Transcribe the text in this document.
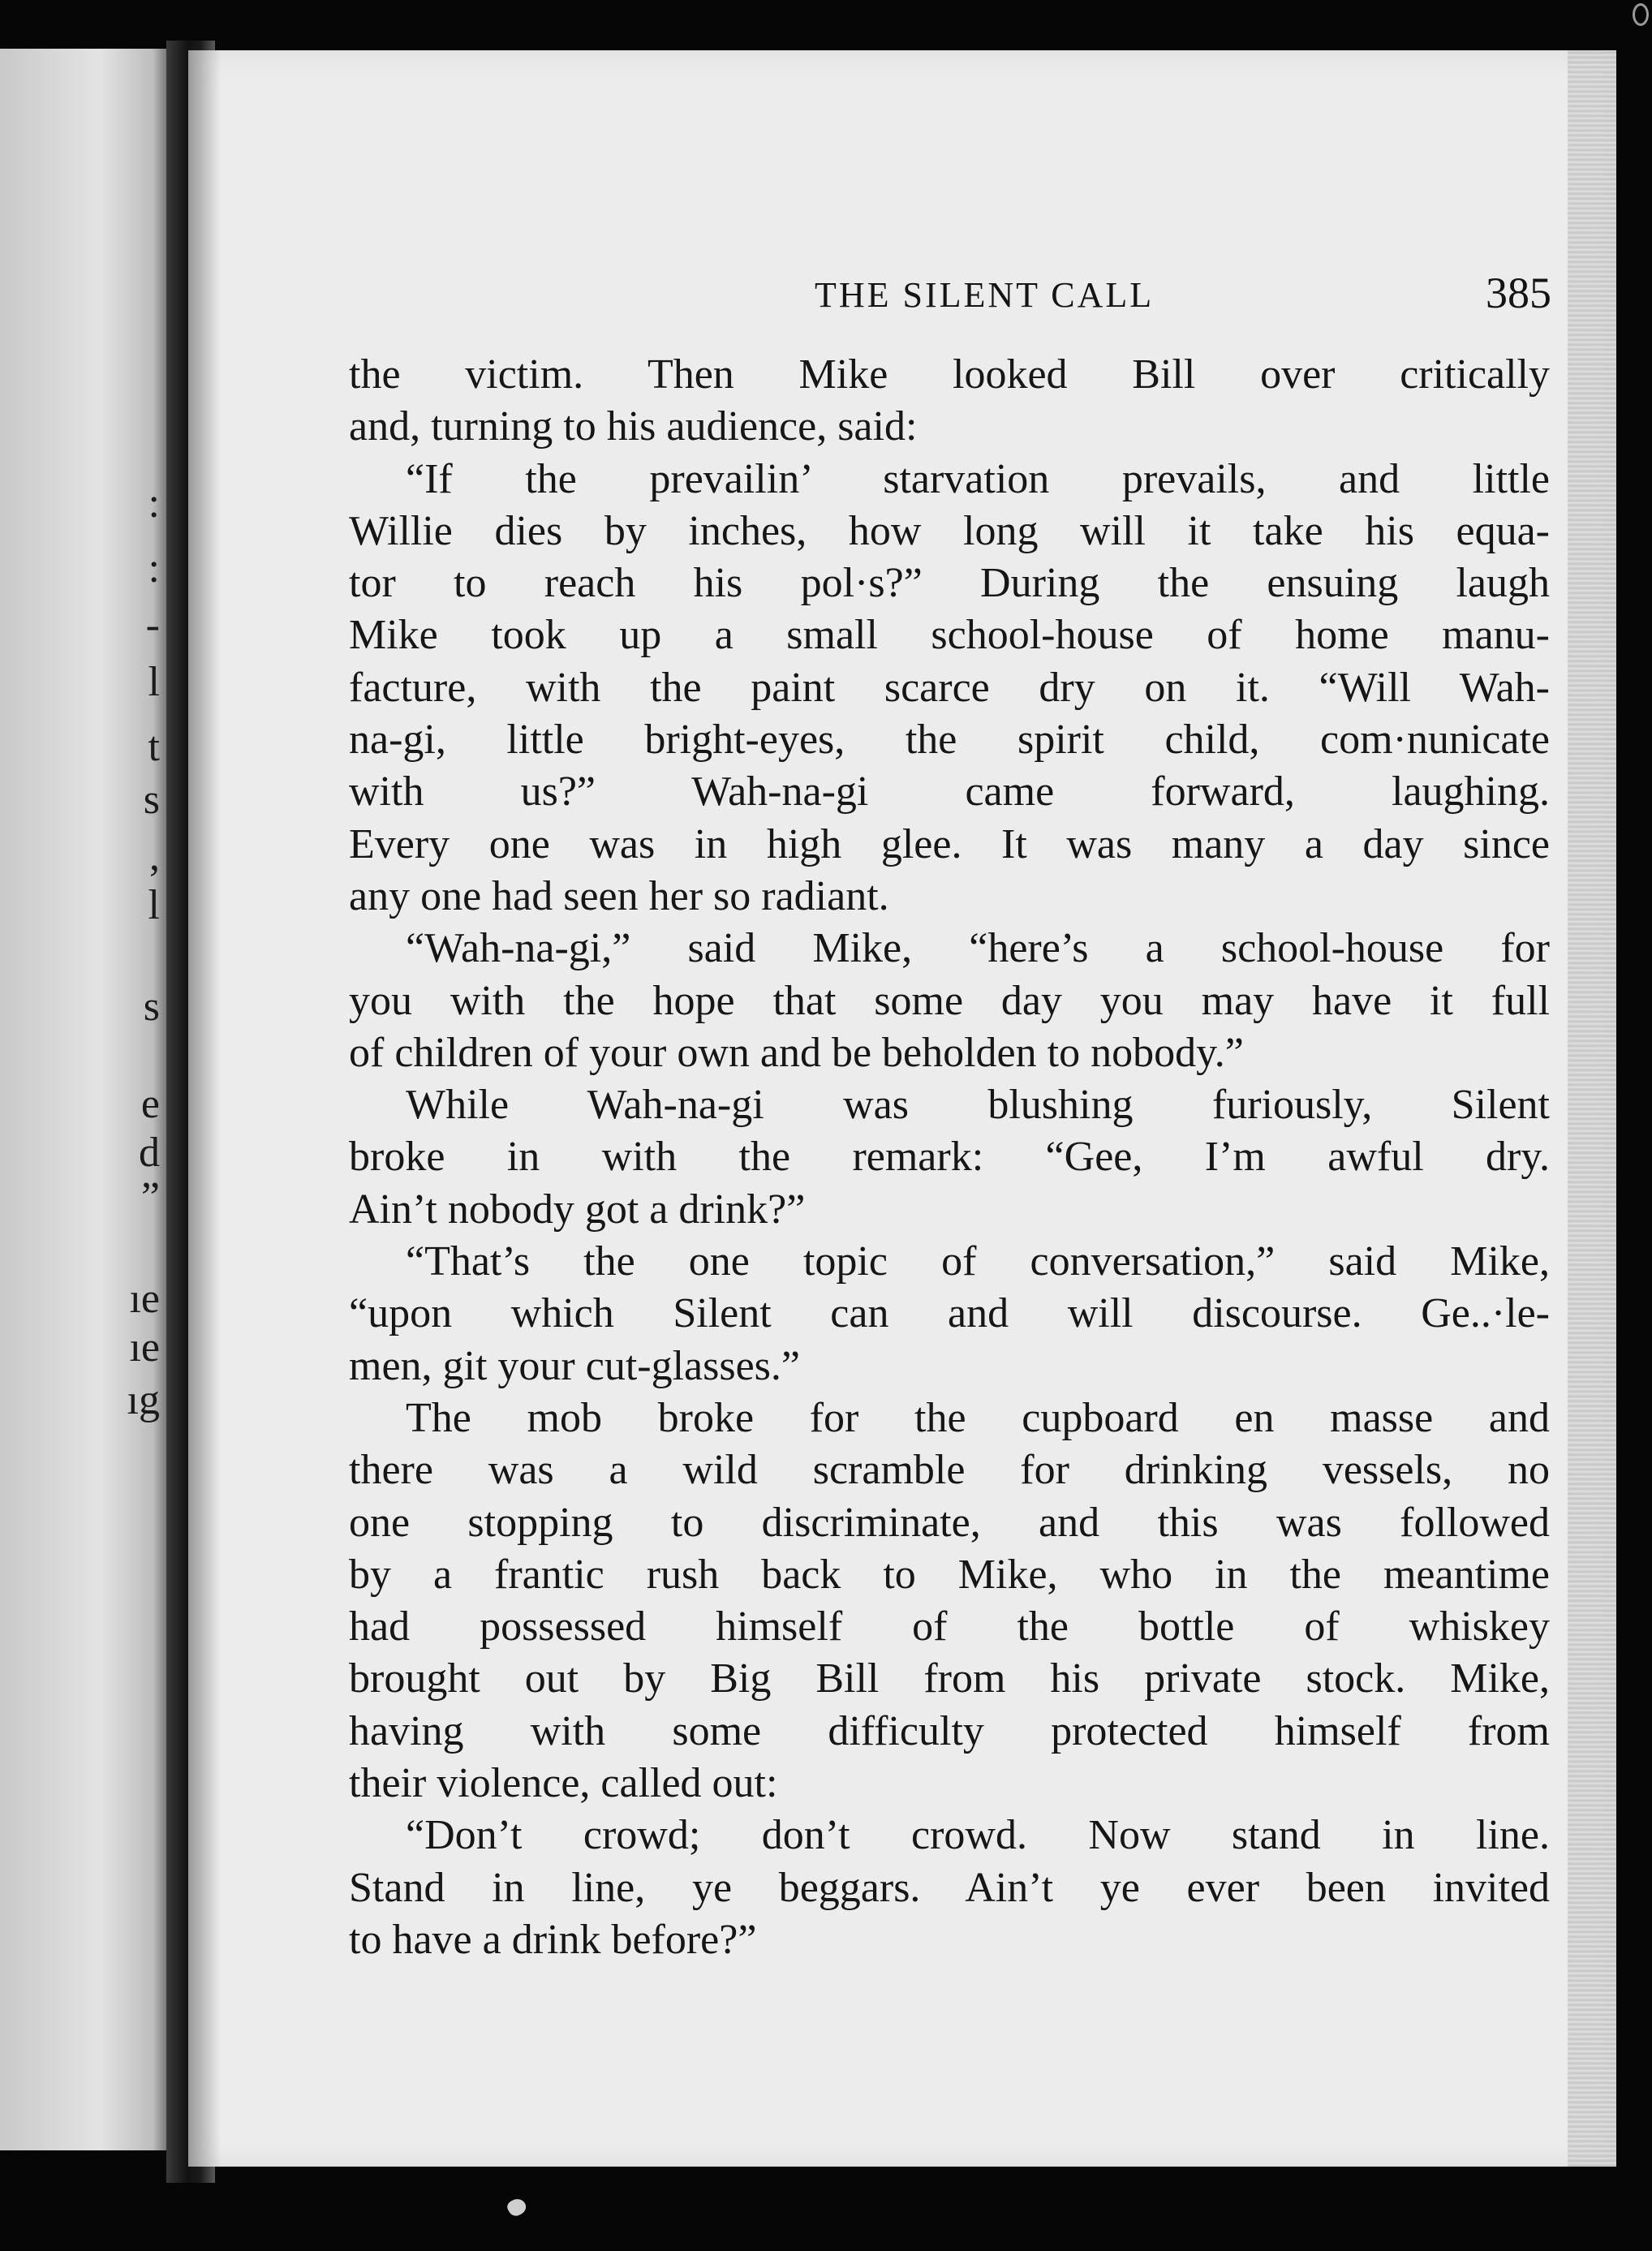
:
:
-
l
t
s
,
l
s
e
d
”
ıe
ıe
ıg
THE SILENT CALL	385
the victim. Then Mike looked Bill over critically
and, turning to his audience, said:
“If the prevailin’ starvation prevails, and little
Willie dies by inches, how long will it take his equa-
tor to reach his pol·s?” During the ensuing laugh
Mike took up a small school-house of home manu-
facture, with the paint scarce dry on it. “Will Wah-
na-gi, little bright-eyes, the spirit child, com·nunicate
with us?” Wah-na-gi came forward, laughing.
Every one was in high glee. It was many a day since
any one had seen her so radiant.
“Wah-na-gi,” said Mike, “here’s a school-house for
you with the hope that some day you may have it full
of children of your own and be beholden to nobody.”
While Wah-na-gi was blushing furiously, Silent
broke in with the remark: “Gee, I’m awful dry.
Ain’t nobody got a drink?”
“That’s the one topic of conversation,” said Mike,
“upon which Silent can and will discourse. Ge..·le-
men, git your cut-glasses.”
The mob broke for the cupboard en masse and
there was a wild scramble for drinking vessels, no
one stopping to discriminate, and this was followed
by a frantic rush back to Mike, who in the meantime
had possessed himself of the bottle of whiskey
brought out by Big Bill from his private stock. Mike,
having with some difficulty protected himself from
their violence, called out:
“Don’t crowd; don’t crowd. Now stand in line.
Stand in line, ye beggars. Ain’t ye ever been invited
to have a drink before?”
